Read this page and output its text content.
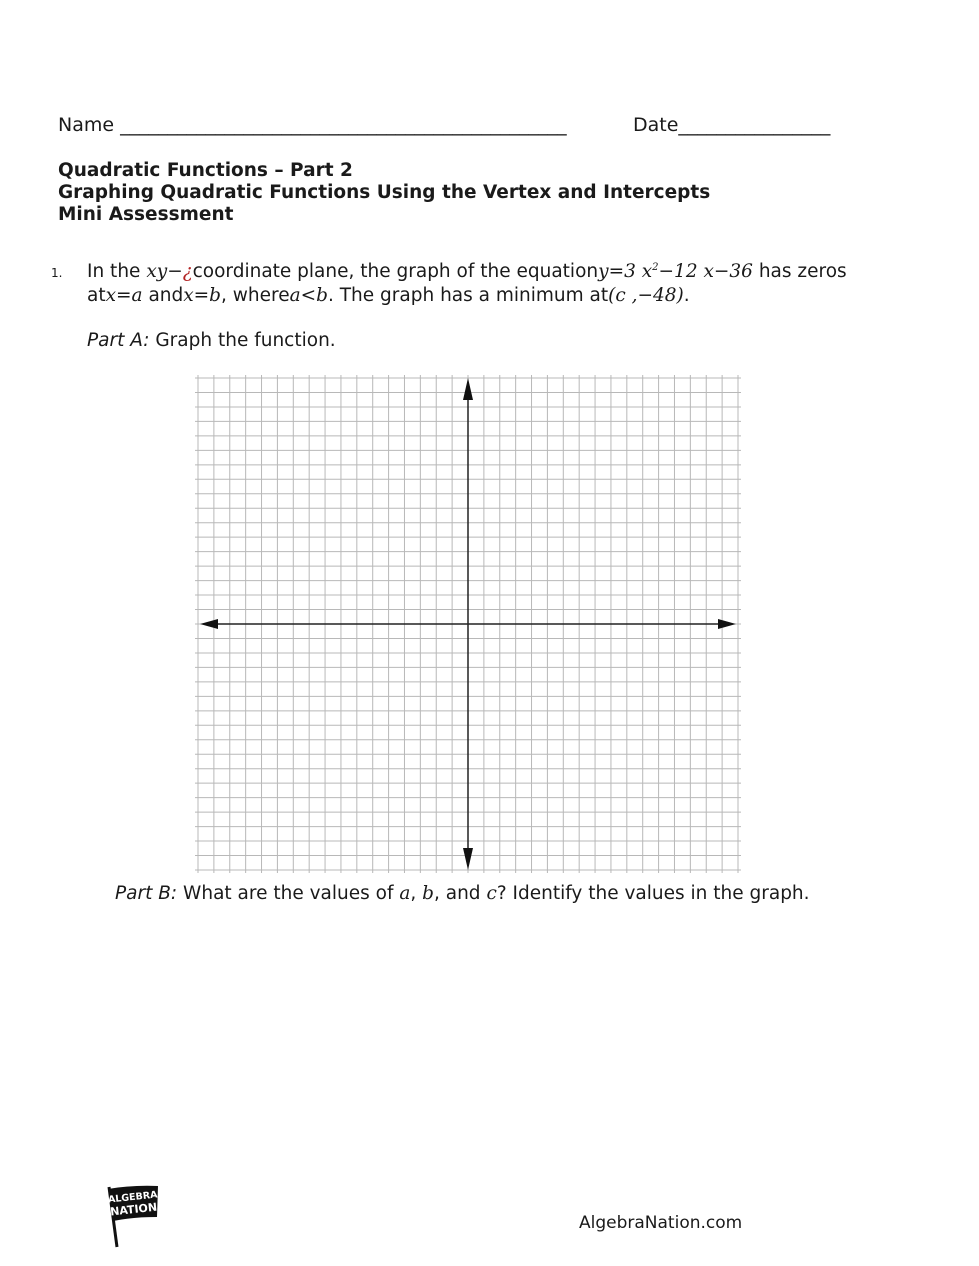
Name _______________________________________________	Date________________
Quadratic Functions – Part 2
Graphing Quadratic Functions Using the Vertex and Intercepts
Mini Assessment
1. In the xy−¿coordinate plane, the graph of the equationy=3 $x^2-12$ x−36 has zeros
atx=a andx=b, wherea<b. The graph has a minimum at(c ,−48).
Part A: Graph the function.
Part B: What are the values of a, b, and c? Identify the values in the graph.
ALGEBRA
NATION
AlgebraNation.com
